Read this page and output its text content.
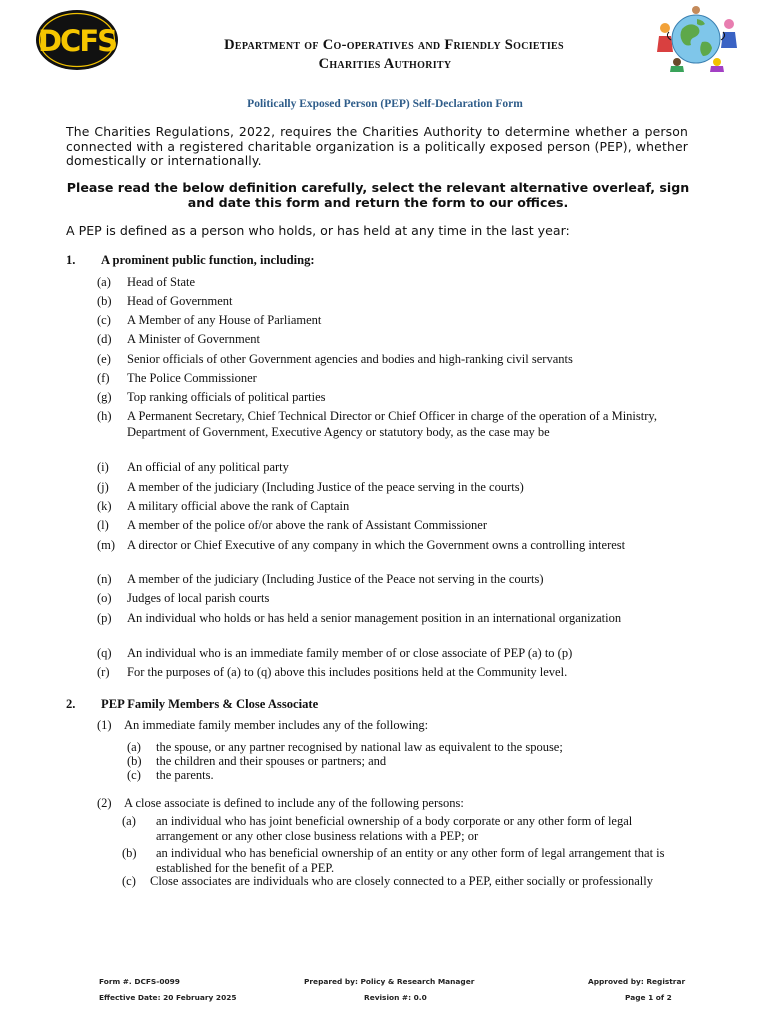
DCFS	Department of Co-operatives and Friendly Societies
Charities Authority
Politically Exposed Person (PEP) Self-Declaration Form
The Charities Regulations, 2022, requires the Charities Authority to determine whether a person connected with a registered charitable organization is a politically exposed person (PEP), whether domestically or internationally.
Please read the below definition carefully, select the relevant alternative overleaf, sign and date this form and return the form to our offices.
A PEP is defined as a person who holds, or has held at any time in the last year:
1. A prominent public function, including:
(a) Head of State
(b) Head of Government
(c) A Member of any House of Parliament
(d) A Minister of Government
(e) Senior officials of other Government agencies and bodies and high-ranking civil servants
(f) The Police Commissioner
(g) Top ranking officials of political parties
(h) A Permanent Secretary, Chief Technical Director or Chief Officer in charge of the operation of a Ministry, Department of Government, Executive Agency or statutory body, as the case may be
(i) An official of any political party
(j) A member of the judiciary (Including Justice of the peace serving in the courts)
(k) A military official above the rank of Captain
(l) A member of the police of/or above the rank of Assistant Commissioner
(m) A director or Chief Executive of any company in which the Government owns a controlling interest
(n) A member of the judiciary (Including Justice of the Peace not serving in the courts)
(o) Judges of local parish courts
(p) An individual who holds or has held a senior management position in an international organization
(q) An individual who is an immediate family member of or close associate of PEP (a) to (p)
(r) For the purposes of (a) to (q) above this includes positions held at the Community level.
2. PEP Family Members & Close Associate
(1) An immediate family member includes any of the following:
(a) the spouse, or any partner recognised by national law as equivalent to the spouse;
(b) the children and their spouses or partners; and
(c) the parents.
(2) A close associate is defined to include any of the following persons:
(a) an individual who has joint beneficial ownership of a body corporate or any other form of legal arrangement or any other close business relations with a PEP; or
(b) an individual who has beneficial ownership of an entity or any other form of legal arrangement that is established for the benefit of a PEP.
(c) Close associates are individuals who are closely connected to a PEP, either socially or professionally
Form #. DCFS-0099	Prepared by: Policy & Research Manager	Approved by: Registrar
Effective Date: 20 February 2025	Revision #: 0.0	Page 1 of 2
